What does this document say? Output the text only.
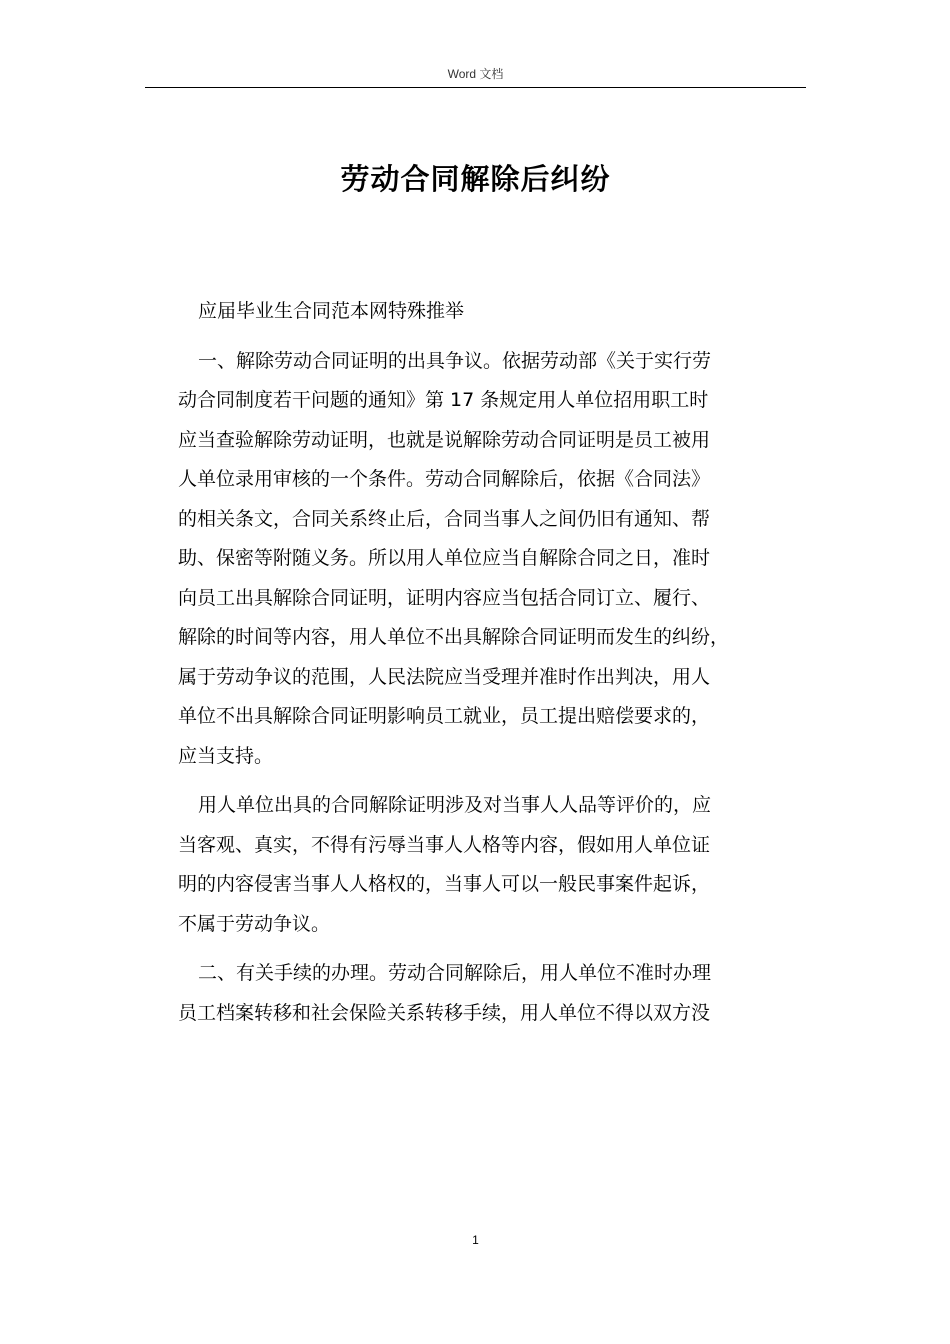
Word 文档
劳动合同解除后纠纷

应届毕业生合同范本网特殊推举

一、解除劳动合同证明的出具争议。依据劳动部《关于实行劳
动合同制度若干问题的通知》第 17 条规定用人单位招用职工时
应当查验解除劳动证明，也就是说解除劳动合同证明是员工被用
人单位录用审核的一个条件。劳动合同解除后，依据《合同法》
的相关条文，合同关系终止后，合同当事人之间仍旧有通知、帮
助、保密等附随义务。所以用人单位应当自解除合同之日，准时
向员工出具解除合同证明，证明内容应当包括合同订立、履行、
解除的时间等内容，用人单位不出具解除合同证明而发生的纠纷，
属于劳动争议的范围，人民法院应当受理并准时作出判决，用人
单位不出具解除合同证明影响员工就业，员工提出赔偿要求的，
应当支持。

用人单位出具的合同解除证明涉及对当事人人品等评价的，应
当客观、真实，不得有污辱当事人人格等内容，假如用人单位证
明的内容侵害当事人人格权的，当事人可以一般民事案件起诉，
不属于劳动争议。

二、有关手续的办理。劳动合同解除后，用人单位不准时办理
员工档案转移和社会保险关系转移手续，用人单位不得以双方没

1
